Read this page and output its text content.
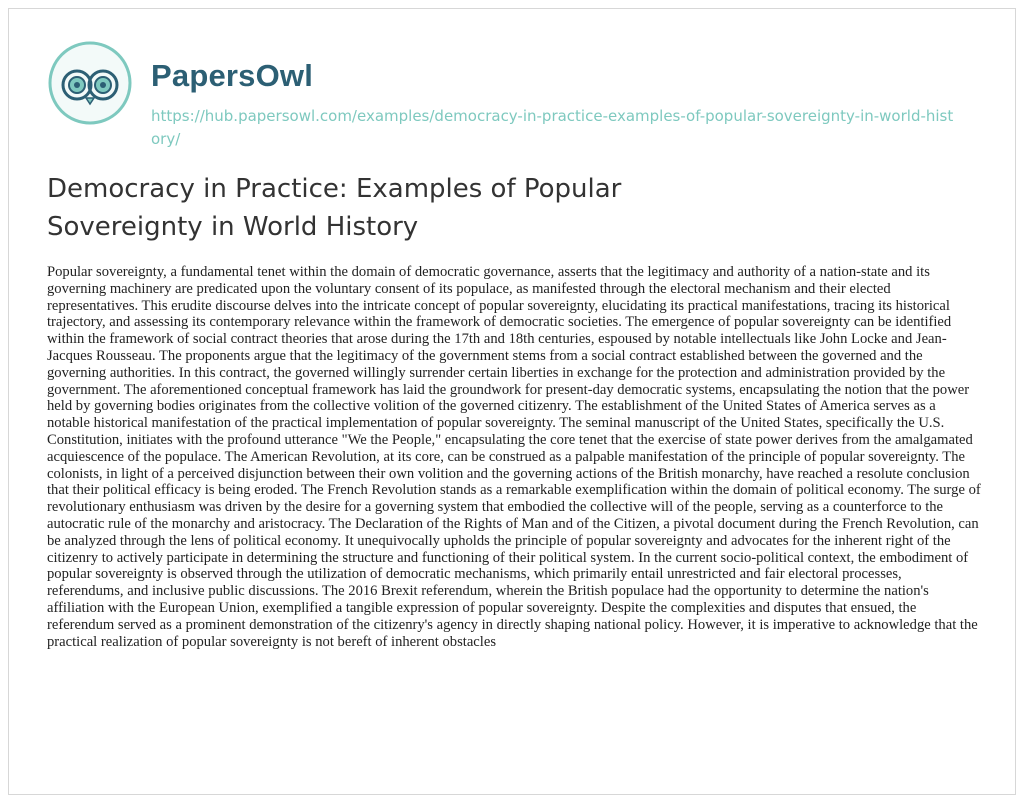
PapersOwl
https://hub.papersowl.com/examples/democracy-in-practice-examples-of-popular-sovereignty-in-world-history/
Democracy in Practice: Examples of Popular Sovereignty in World History

Popular sovereignty, a fundamental tenet within the domain of democratic governance, asserts that the legitimacy and authority of a nation-state and its governing machinery are predicated upon the voluntary consent of its populace, as manifested through the electoral mechanism and their elected representatives. This erudite discourse delves into the intricate concept of popular sovereignty, elucidating its practical manifestations, tracing its historical trajectory, and assessing its contemporary relevance within the framework of democratic societies. The emergence of popular sovereignty can be identified within the framework of social contract theories that arose during the 17th and 18th centuries, espoused by notable intellectuals like John Locke and Jean-Jacques Rousseau. The proponents argue that the legitimacy of the government stems from a social contract established between the governed and the governing authorities. In this contract, the governed willingly surrender certain liberties in exchange for the protection and administration provided by the government. The aforementioned conceptual framework has laid the groundwork for present-day democratic systems, encapsulating the notion that the power held by governing bodies originates from the collective volition of the governed citizenry. The establishment of the United States of America serves as a notable historical manifestation of the practical implementation of popular sovereignty. The seminal manuscript of the United States, specifically the U.S. Constitution, initiates with the profound utterance "We the People," encapsulating the core tenet that the exercise of state power derives from the amalgamated acquiescence of the populace. The American Revolution, at its core, can be construed as a palpable manifestation of the principle of popular sovereignty. The colonists, in light of a perceived disjunction between their own volition and the governing actions of the British monarchy, have reached a resolute conclusion that their political efficacy is being eroded. The French Revolution stands as a remarkable exemplification within the domain of political economy. The surge of revolutionary enthusiasm was driven by the desire for a governing system that embodied the collective will of the people, serving as a counterforce to the autocratic rule of the monarchy and aristocracy. The Declaration of the Rights of Man and of the Citizen, a pivotal document during the French Revolution, can be analyzed through the lens of political economy. It unequivocally upholds the principle of popular sovereignty and advocates for the inherent right of the citizenry to actively participate in determining the structure and functioning of their political system. In the current socio-political context, the embodiment of popular sovereignty is observed through the utilization of democratic mechanisms, which primarily entail unrestricted and fair electoral processes, referendums, and inclusive public discussions. The 2016 Brexit referendum, wherein the British populace had the opportunity to determine the nation's affiliation with the European Union, exemplified a tangible expression of popular sovereignty. Despite the complexities and disputes that ensued, the referendum served as a prominent demonstration of the citizenry's agency in directly shaping national policy. However, it is imperative to acknowledge that the practical realization of popular sovereignty is not bereft of inherent obstacles
